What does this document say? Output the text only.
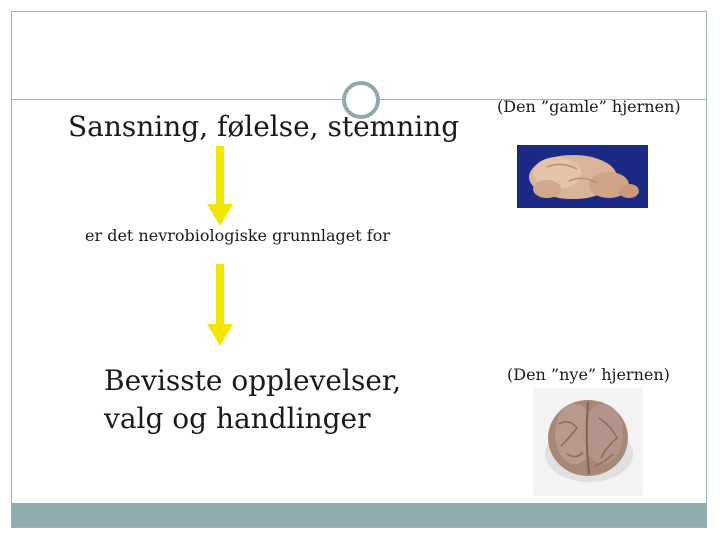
Sansning, følelse, stemning
er det nevrobiologiske grunnlaget for
Bevisste opplevelser, valg og handlinger
(Den ”gamle” hjernen)
(Den ”nye” hjernen)
